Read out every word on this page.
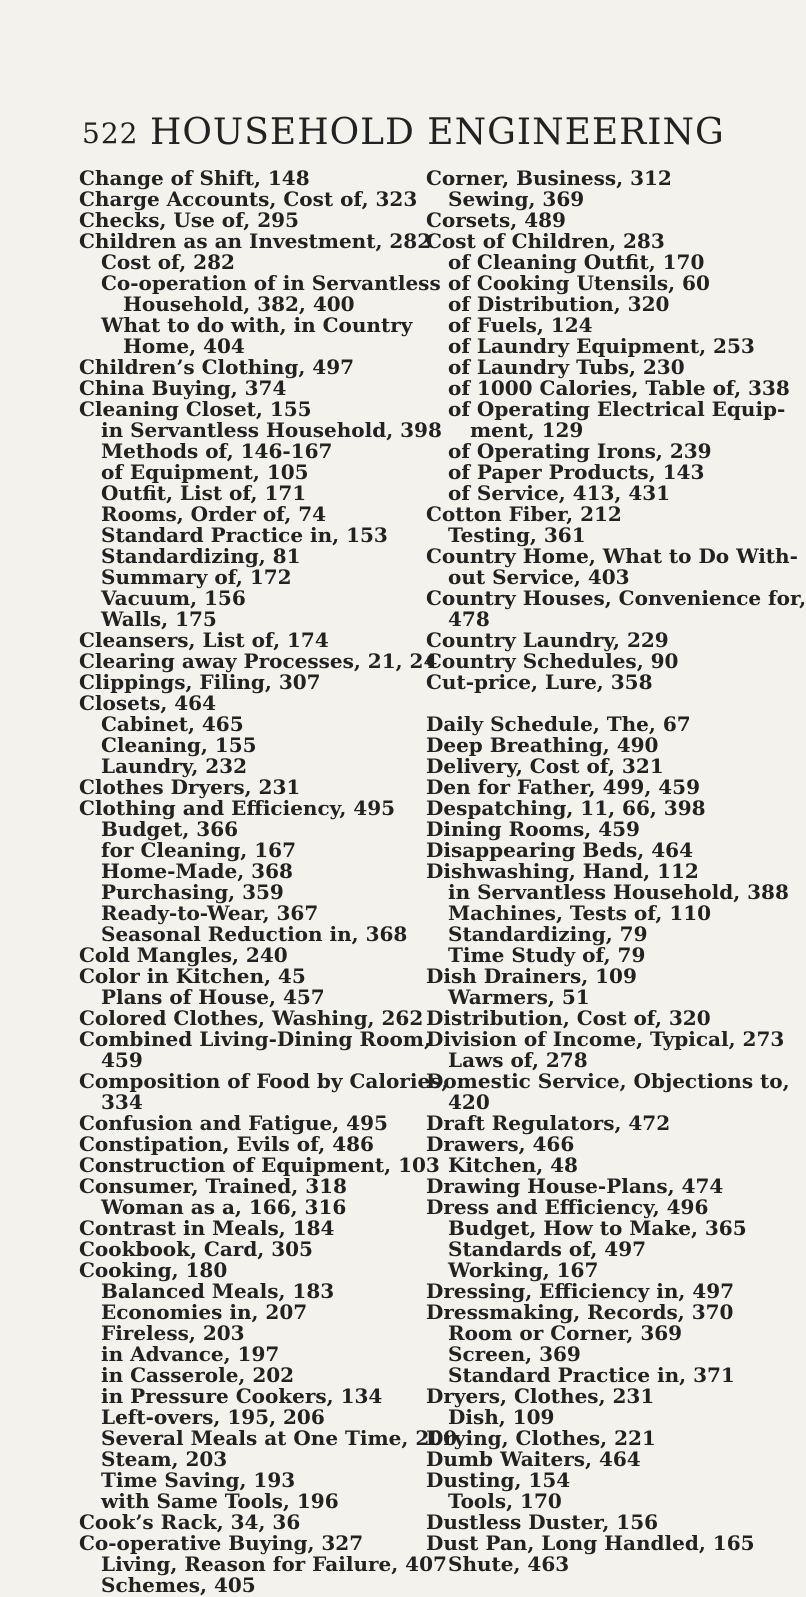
522 HOUSEHOLD ENGINEERING
Change of Shift, 148
Charge Accounts, Cost of, 323
Checks, Use of, 295
Children as an Investment, 282
Cost of, 282
Co-operation of in Servantless
Household, 382, 400
What to do with, in Country
Home, 404
Children’s Clothing, 497
China Buying, 374
Cleaning Closet, 155
in Servantless Household, 398
Methods of, 146-167
of Equipment, 105
Outfit, List of, 171
Rooms, Order of, 74
Standard Practice in, 153
Standardizing, 81
Summary of, 172
Vacuum, 156
Walls, 175
Cleansers, List of, 174
Clearing away Processes, 21, 24
Clippings, Filing, 307
Closets, 464
Cabinet, 465
Cleaning, 155
Laundry, 232
Clothes Dryers, 231
Clothing and Efficiency, 495
Budget, 366
for Cleaning, 167
Home-Made, 368
Purchasing, 359
Ready-to-Wear, 367
Seasonal Reduction in, 368
Cold Mangles, 240
Color in Kitchen, 45
Plans of House, 457
Colored Clothes, Washing, 262
Combined Living-Dining Room,
459
Composition of Food by Calories,
334
Confusion and Fatigue, 495
Constipation, Evils of, 486
Construction of Equipment, 103
Consumer, Trained, 318
Woman as a, 166, 316
Contrast in Meals, 184
Cookbook, Card, 305
Cooking, 180
Balanced Meals, 183
Economies in, 207
Fireless, 203
in Advance, 197
in Casserole, 202
in Pressure Cookers, 134
Left-overs, 195, 206
Several Meals at One Time, 200
Steam, 203
Time Saving, 193
with Same Tools, 196
Cook’s Rack, 34, 36
Co-operative Buying, 327
Living, Reason for Failure, 407
Schemes, 405
Corner, Business, 312
Sewing, 369
Corsets, 489
Cost of Children, 283
of Cleaning Outfit, 170
of Cooking Utensils, 60
of Distribution, 320
of Fuels, 124
of Laundry Equipment, 253
of Laundry Tubs, 230
of 1000 Calories, Table of, 338
of Operating Electrical Equip-
ment, 129
of Operating Irons, 239
of Paper Products, 143
of Service, 413, 431
Cotton Fiber, 212
Testing, 361
Country Home, What to Do With-
out Service, 403
Country Houses, Convenience for,
478
Country Laundry, 229
Country Schedules, 90
Cut-price, Lure, 358
Daily Schedule, The, 67
Deep Breathing, 490
Delivery, Cost of, 321
Den for Father, 499, 459
Despatching, 11, 66, 398
Dining Rooms, 459
Disappearing Beds, 464
Dishwashing, Hand, 112
in Servantless Household, 388
Machines, Tests of, 110
Standardizing, 79
Time Study of, 79
Dish Drainers, 109
Warmers, 51
Distribution, Cost of, 320
Division of Income, Typical, 273
Laws of, 278
Domestic Service, Objections to,
420
Draft Regulators, 472
Drawers, 466
Kitchen, 48
Drawing House-Plans, 474
Dress and Efficiency, 496
Budget, How to Make, 365
Standards of, 497
Working, 167
Dressing, Efficiency in, 497
Dressmaking, Records, 370
Room or Corner, 369
Screen, 369
Standard Practice in, 371
Dryers, Clothes, 231
Dish, 109
Drying, Clothes, 221
Dumb Waiters, 464
Dusting, 154
Tools, 170
Dustless Duster, 156
Dust Pan, Long Handled, 165
Shute, 463
